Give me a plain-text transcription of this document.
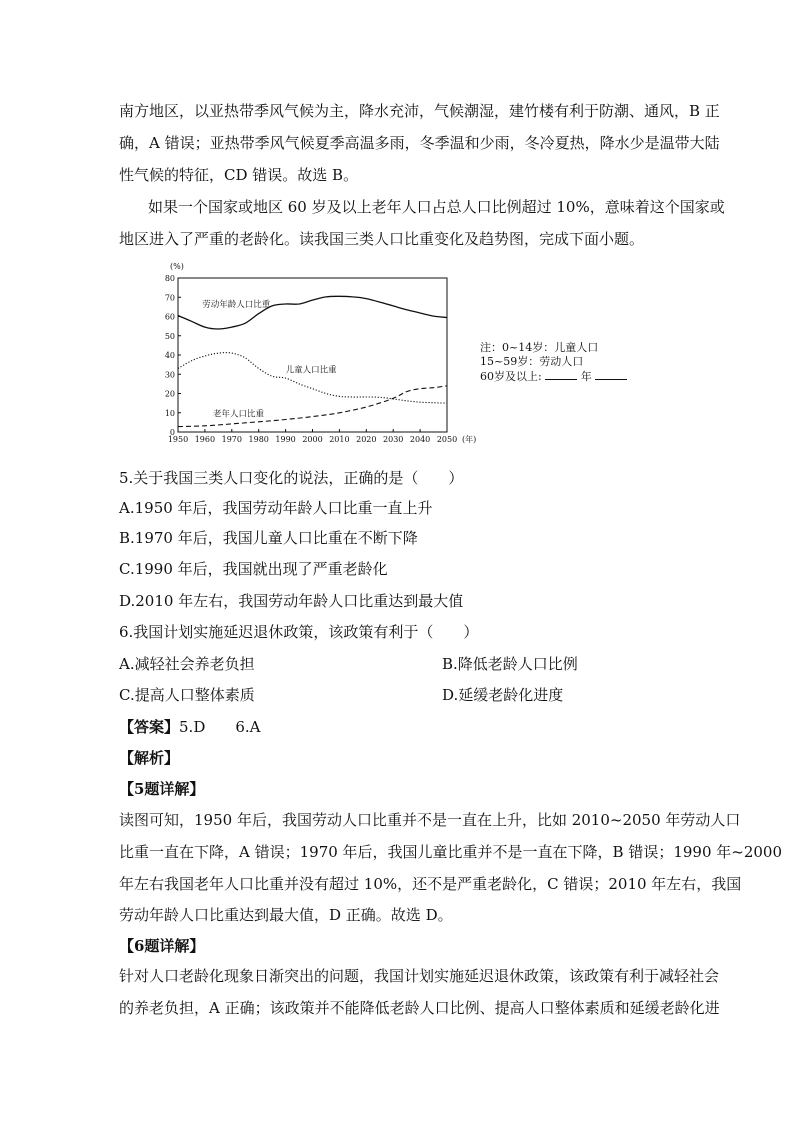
南方地区，以亚热带季风气候为主，降水充沛，气候潮湿，建竹楼有利于防潮、通风，B 正
确，A 错误；亚热带季风气候夏季高温多雨，冬季温和少雨，冬冷夏热，降水少是温带大陆
性气候的特征，CD 错误。故选 B。
如果一个国家或地区 60 岁及以上老年人口占总人口比例超过 10%，意味着这个国家或
地区进入了严重的老龄化。读我国三类人口比重变化及趋势图，完成下面小题。
0
10
20
30
40
50
60
70
80
1950 1960 1970 1980 1990 2000 2010 2020 2030 2040 2050
(%)
(年)
劳动年龄人口比重
儿童人口比重
老年人口比重
注：0~14岁：儿童人口
15~59岁：劳动人口
60岁及以上:	年
5.关于我国三类人口变化的说法，正确的是（　　）
A.1950 年后，我国劳动年龄人口比重一直上升
B.1970 年后，我国儿童人口比重在不断下降
C.1990 年后，我国就出现了严重老龄化
D.2010 年左右，我国劳动年龄人口比重达到最大值
6.我国计划实施延迟退休政策，该政策有利于（　　）
A.减轻社会养老负担	B.降低老龄人口比例
C.提高人口整体素质	D.延缓老龄化进度
【答案】5.D　　6.A
【解析】
【5题详解】
读图可知，1950 年后，我国劳动人口比重并不是一直在上升，比如 2010~2050 年劳动人口
比重一直在下降，A 错误；1970 年后，我国儿童比重并不是一直在下降，B 错误；1990 年~2000
年左右我国老年人口比重并没有超过 10%，还不是严重老龄化，C 错误；2010 年左右，我国
劳动年龄人口比重达到最大值，D 正确。故选 D。
【6题详解】
针对人口老龄化现象日渐突出的问题，我国计划实施延迟退休政策，该政策有利于减轻社会
的养老负担，A 正确；该政策并不能降低老龄人口比例、提高人口整体素质和延缓老龄化进
